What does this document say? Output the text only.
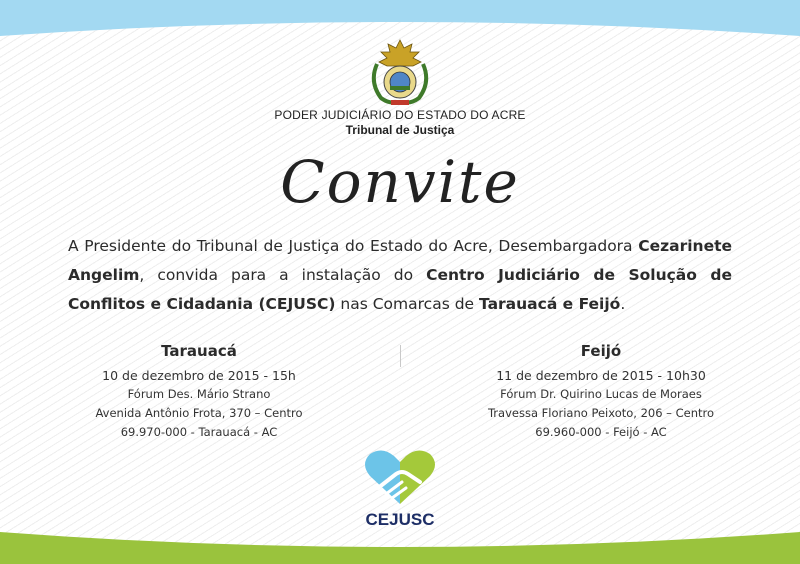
PODER JUDICIÁRIO DO ESTADO DO ACRE
Tribunal de Justiça
Convite
A Presidente do Tribunal de Justiça do Estado do Acre, Desembargadora Cezarinete Angelim, convida para a instalação do Centro Judiciário de Solução de Conflitos e Cidadania (CEJUSC) nas Comarcas de Tarauacá e Feijó.
Tarauacá
10 de dezembro de 2015 - 15h
Fórum Des. Mário Strano
Avenida Antônio Frota, 370 – Centro
69.970-000 - Tarauacá - AC
Feijó
11 de dezembro de 2015 - 10h30
Fórum Dr. Quirino Lucas de Moraes
Travessa Floriano Peixoto, 206 – Centro
69.960-000 - Feijó - AC
CEJUSC
